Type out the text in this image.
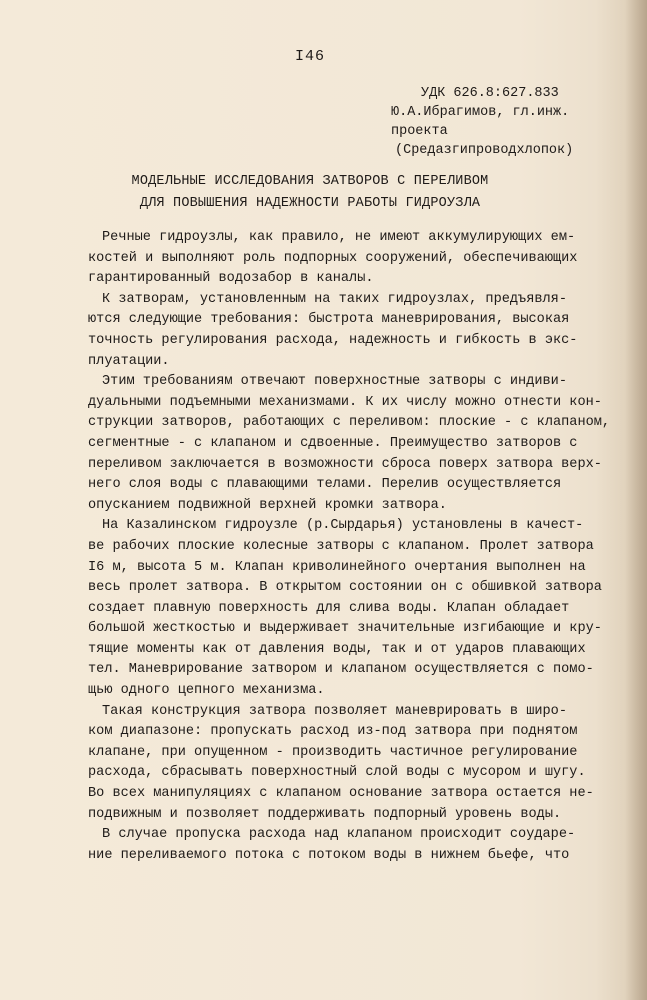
I46
УДК 626.8:627.833
Ю.А.Ибрагимов, гл.инж.
проекта
(Средазгипроводхлопок)
МОДЕЛЬНЫЕ ИССЛЕДОВАНИЯ ЗАТВОРОВ С ПЕРЕЛИВОМ
ДЛЯ ПОВЫШЕНИЯ НАДЕЖНОСТИ РАБОТЫ ГИДРОУЗЛА
Речные гидроузлы, как правило, не имеют аккумулирующих ем-
костей и выполняют роль подпорных сооружений, обеспечивающих
гарантированный водозабор в каналы.
К затворам, установленным на таких гидроузлах, предъявля-
ются следующие требования: быстрота маневрирования, высокая
точность регулирования расхода, надежность и гибкость в экс-
плуатации.
Этим требованиям отвечают поверхностные затворы с индиви-
дуальными подъемными механизмами. К их числу можно отнести кон-
струкции затворов, работающих с переливом: плоские - с клапаном,
сегментные - с клапаном и сдвоенные. Преимущество затворов с
переливом заключается в возможности сброса поверх затвора верх-
него слоя воды с плавающими телами. Перелив осуществляется
опусканием подвижной верхней кромки затвора.
На Казалинском гидроузле (р.Сырдарья) установлены в качест-
ве рабочих плоские колесные затворы с клапаном. Пролет затвора
I6 м, высота 5 м. Клапан криволинейного очертания выполнен на
весь пролет затвора. В открытом состоянии он с обшивкой затвора
создает плавную поверхность для слива воды. Клапан обладает
большой жесткостью и выдерживает значительные изгибающие и кру-
тящие моменты как от давления воды, так и от ударов плавающих
тел. Маневрирование затвором и клапаном осуществляется с помо-
щью одного цепного механизма.
Такая конструкция затвора позволяет маневрировать в широ-
ком диапазоне: пропускать расход из-под затвора при поднятом
клапане, при опущенном - производить частичное регулирование
расхода, сбрасывать поверхностный слой воды с мусором и шугу.
Во всех манипуляциях с клапаном основание затвора остается не-
подвижным и позволяет поддерживать подпорный уровень воды.
В случае пропуска расхода над клапаном происходит соударе-
ние переливаемого потока с потоком воды в нижнем бьефе, что
